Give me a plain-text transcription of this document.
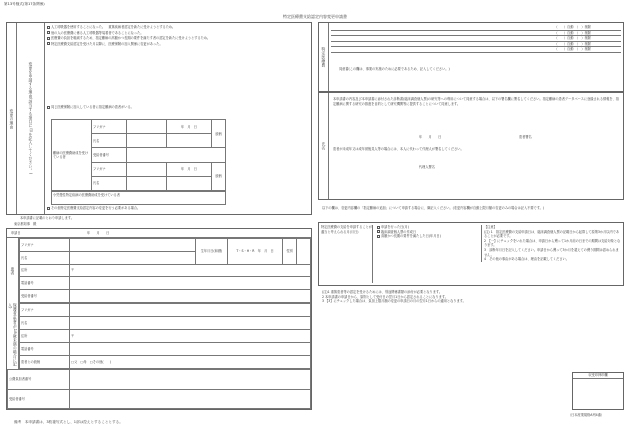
第13号様式(第17条関係)
特定医療費支給認定内容変更申請書
変更の理由	変更を申請する理由(該当する項目に☑を記入してください。)
人工呼吸器を使用することになった。　重篤疾病者認定を新たに受けようとするため。
他の人の医療費に係る人工呼吸器等装着者であることになった。
医療費の負担を軽減するため、指定難病の高額かつ長期の要件を満たす者の認定を新たに受けようとするため。
特定医療費支給認定を受けた月以降に、医療保険の加入関係に変更があった。
同じ医療保険に加入している者に指定難病の患者がいる。
難病の医療費助成を受けている者	フリガナ		年　月　日	続柄
	氏名			
	受給者番号			
	フリガナ		年　月　日	続柄
	氏名			
小児慢性特定疾病の医療費助成を受けている者
その他特定医療費支給認定内容の変更を行う必要がある場合。
本申請書に記載のとおり申請します。
東京都知事　殿
申請日	年　　月　　日
患者
フリガナ		生年月日(和暦)	T・S・H・R　年　月　日	性別	
氏名					
住所	〒				
電話番号					
受給者番号					
保護者(患者が18歳未満の場合に記入)
フリガナ	
氏名	
住所	〒
電話番号	
患者との続柄	□父　□母　□その他(　　)
公費負担者番号	
受給者番号	
特定医療費
（　　）自動　（　）削除
（　　）自動　（　）削除
（　　）自動　（　）削除
（　　）自動　（　）削除
（　　）自動　（　）削除
同意書(この欄は、事業の実施のために必要であるため、記入してください。)
氏名
本申請書の内容及び本申請書に添付された診断書(臨床調査個人票)の研究等への利用について同意する場合は、以下の署名欄に署名してください。指定難病の患者データベースに登録される情報を、指定難病に関する研究の推進を目的として研究機関等に提供することについて同意します。
年　　月　　日	患者署名
患者が未成年又は成年被後見人等の場合には、本人に代わって代理人が署名してください。
代理人署名
以下の欄は、変更内容欄の「指定難病の追加」について申請する場合に、御記入ください。(変更内容欄が自動上限月額の変更のみの場合は記入不要です。)
特定医療費の支給を申請することが適当と考えられる月(月日)
申請を行った日(月)
臨床調査個人票の作成日
高額かつ長期の要件を満たした日(年月日)
【注意】
(注) 1　指定医療費の支給申請日は、臨床調査個人票の記載日から起算して原則3か月以内であることが必要です。
2　【一】にチェックをいれた場合は、申請日から遡って1か月前の日までの期間は支給対象となります。
3　診断年月日を記入してください。申請日から遡って3か月を超えての遡り期間は認められません。
4　その他の事由がある場合は、理由を記載してください。
(注)1 重篤患者等の認定を受けるためには、別途関係書類の添付が必要となります。
2 本申請書の申請日から、原則として受付日の翌月1日から認定されることになります。
3 【3】にチェックした場合は、負担上限月額の変更の申請日の月の翌月1日からの適用となります。
収受印押印欄
（日本産業規格A列4番）
備考　本申請書は、3枚複写式とし、1部は控えとすることとする。
